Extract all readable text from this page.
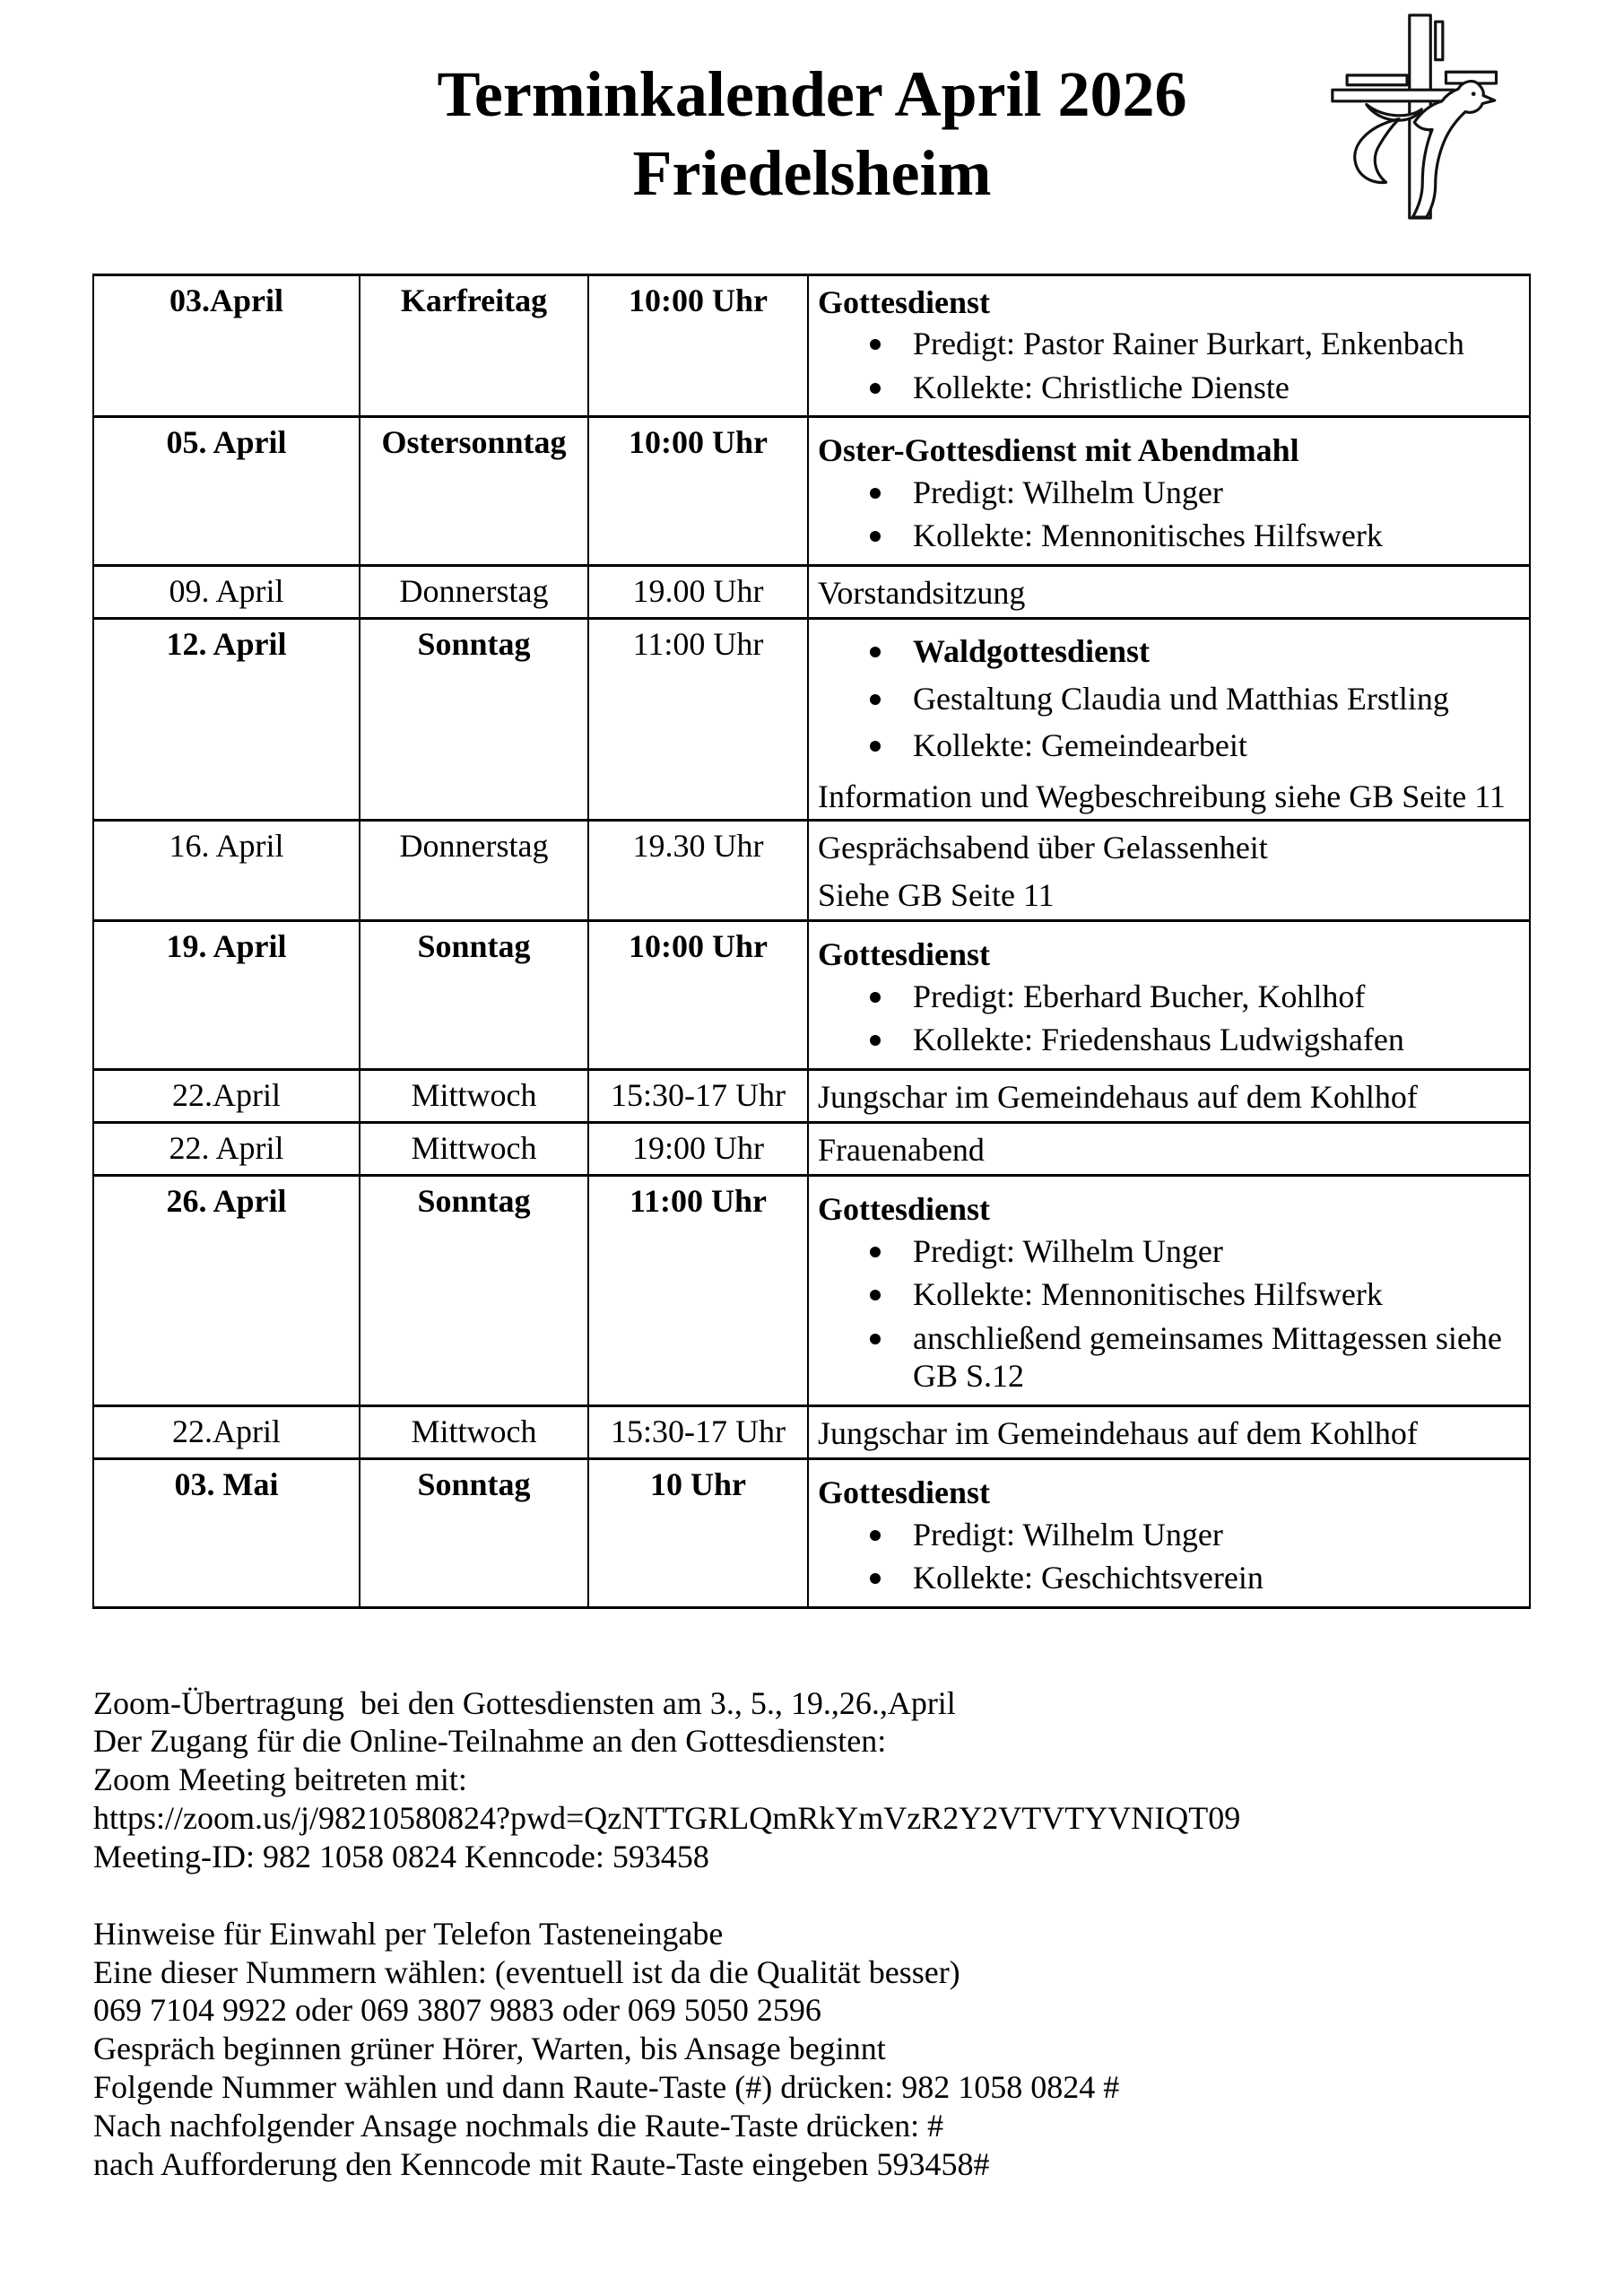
Terminkalender April 2026
Friedelsheim
03.April	Karfreitag	10:00 Uhr	Gottesdienst
Predigt: Pastor Rainer Burkart, Enkenbach
Kollekte: Christliche Dienste

05. April	Ostersonntag	10:00 Uhr	Oster-Gottesdienst mit Abendmahl
Predigt: Wilhelm Unger
Kollekte: Mennonitisches Hilfswerk

09. April	Donnerstag	19.00 Uhr	Vorstandsitzung

12. April	Sonntag	11:00 Uhr	Waldgottesdienst
Gestaltung Claudia und Matthias Erstling
Kollekte: Gemeindearbeit
Information und Wegbeschreibung siehe GB Seite 11

16. April	Donnerstag	19.30 Uhr	Gesprächsabend über Gelassenheit
Siehe GB Seite 11

19. April	Sonntag	10:00 Uhr	Gottesdienst
Predigt: Eberhard Bucher, Kohlhof
Kollekte: Friedenshaus Ludwigshafen

22.April	Mittwoch	15:30-17 Uhr	Jungschar im Gemeindehaus auf dem Kohlhof

22. April	Mittwoch	19:00 Uhr	Frauenabend

26. April	Sonntag	11:00 Uhr	Gottesdienst
Predigt: Wilhelm Unger
Kollekte: Mennonitisches Hilfswerk
anschließend gemeinsames Mittagessen siehe GB S.12

22.April	Mittwoch	15:30-17 Uhr	Jungschar im Gemeindehaus auf dem Kohlhof

03. Mai	Sonntag	10 Uhr	Gottesdienst
Predigt: Wilhelm Unger
Kollekte: Geschichtsverein

Zoom-Übertragung  bei den Gottesdiensten am 3., 5., 19.,26.,April

Der Zugang für die Online-Teilnahme an den Gottesdiensten:

Zoom Meeting beitreten mit:

https://zoom.us/j/98210580824?pwd=QzNTTGRLQmRkYmVzR2Y2VTVTYVNIQT09

Meeting-ID: 982 1058 0824 Kenncode: 593458

Hinweise für Einwahl per Telefon Tasteneingabe

Eine dieser Nummern wählen: (eventuell ist da die Qualität besser)

069 7104 9922 oder 069 3807 9883 oder 069 5050 2596

Gespräch beginnen grüner Hörer, Warten, bis Ansage beginnt

Folgende Nummer wählen und dann Raute-Taste (#) drücken: 982 1058 0824 #

Nach nachfolgender Ansage nochmals die Raute-Taste drücken: #

nach Aufforderung den Kenncode mit Raute-Taste eingeben 593458#
